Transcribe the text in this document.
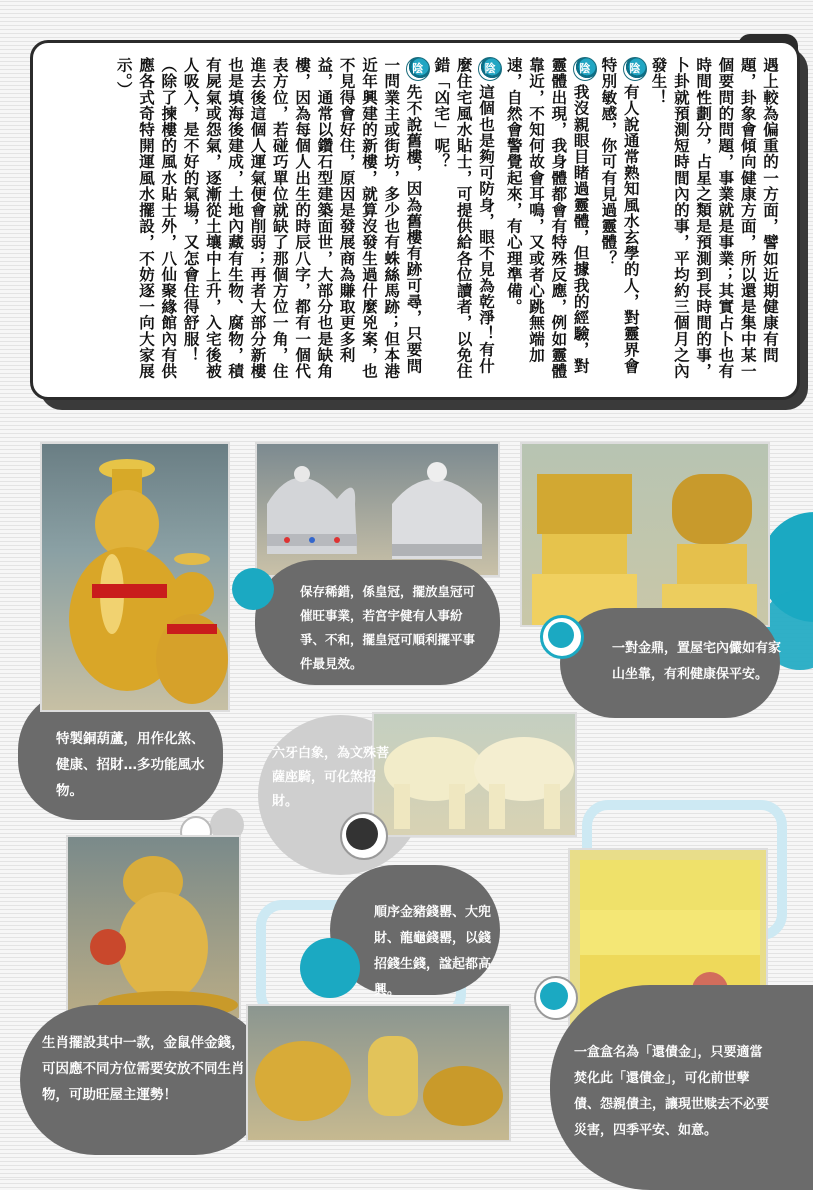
遇上較為偏重的一方面，譬如近期健康有問題，卦象會傾向健康方面，所以還是集中某一個要問的問題，事業就是事業；其實占卜也有時間性劃分，占星之類是預測到長時間的事，卜卦就預測短時間內的事，平均約三個月之內發生！

陰有人說通常熟知風水玄學的人，對靈界會特別敏感，你可有見過靈體？

陰我沒親眼目睹過靈體，但據我的經驗，對靈體出現，我身體都會有特殊反應，例如靈體靠近，不知何故會耳鳴，又或者心跳無端加速，自然會警覺起來，有心理準備。

陰這個也是夠可防身，眼不見為乾淨！有什麼住宅風水貼士，可提供給各位讀者，以免住錯「凶宅」呢？

陰先不說舊樓，因為舊樓有跡可尋，只要問一問業主或街坊，多少也有蛛絲馬跡；但本港近年興建的新樓，就算沒發生過什麼兇案，也不見得會好住，原因是發展商為賺取更多利益，通常以鑽石型建築面世，大部分也是缺角樓，因為每個人出生的時辰八字，都有一個代表方位，若碰巧單位就缺了那個方位一角，住進去後這個人運氣便會削弱；再者大部分新樓也是填海後建成，土地內藏有生物、腐物，積有屍氣或怨氣，逐漸從土壤中上升，入宅後被人吸入，是不好的氣場，又怎會住得舒服！

（除了揀樓的風水貼士外，八仙聚緣館內有供應各式奇特開運風水擺設，不妨逐一向大家展示。）

特製銅葫蘆，用作化煞、健康、招財…多功能風水物。
保存稀錯，係皇冠，擺放皇冠可催旺事業，若宮宇健有人事紛爭、不和，擺皇冠可順利擺平事件最見效。
一對金鼎，置屋宅內儼如有家山坐靠，有利健康保平安。
六牙白象，為文殊菩薩座騎，可化煞招財。
生肖擺設其中一款，金鼠伴金錢，可因應不同方位需要安放不同生肖物，可助旺屋主運勢！
順序金豬錢罌、大兜財、龍龜錢罌，以錢招錢生錢，諡起都高興。
一盒盒名為「還債金」，只要適當焚化此「還債金」，可化前世孽債、怨親債主，讓現世赎去不必要災害，四季平安、如意。
